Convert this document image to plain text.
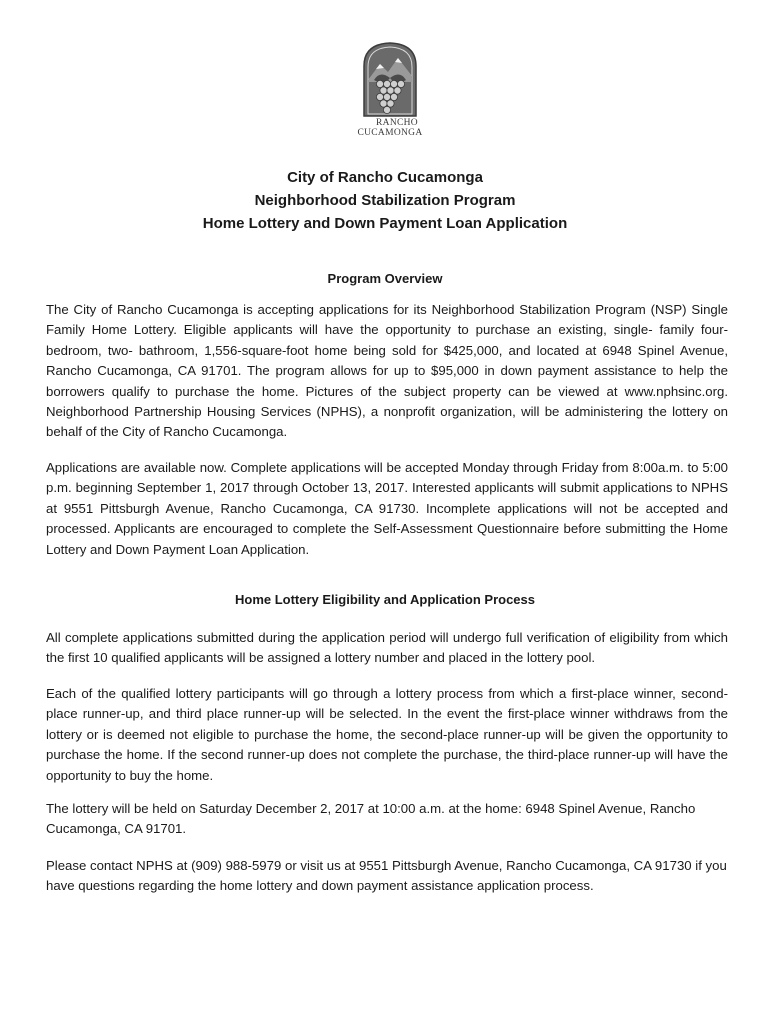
RANCHO
CUCAMONGA
City of Rancho Cucamonga
Neighborhood Stabilization Program
Home Lottery and Down Payment Loan Application
Program Overview

The City of Rancho Cucamonga is accepting applications for its Neighborhood Stabilization Program (NSP) Single Family Home Lottery. Eligible applicants will have the opportunity to purchase an existing, single- family four-bedroom, two- bathroom, 1,556-square-foot home being sold for $425,000, and located at 6948 Spinel Avenue, Rancho Cucamonga, CA 91701. The program allows for up to $95,000 in down payment assistance to help the borrowers qualify to purchase the home. Pictures of the subject property can be viewed at www.nphsinc.org. Neighborhood Partnership Housing Services (NPHS), a nonprofit organization, will be administering the lottery on behalf of the City of Rancho Cucamonga.

Applications are available now. Complete applications will be accepted Monday through Friday from 8:00a.m. to 5:00 p.m. beginning September 1, 2017 through October 13, 2017. Interested applicants will submit applications to NPHS at 9551 Pittsburgh Avenue, Rancho Cucamonga, CA 91730. Incomplete applications will not be accepted and processed. Applicants are encouraged to complete the Self-Assessment Questionnaire before submitting the Home Lottery and Down Payment Loan Application.

Home Lottery Eligibility and Application Process

All complete applications submitted during the application period will undergo full verification of eligibility from which the first 10 qualified applicants will be assigned a lottery number and placed in the lottery pool.

Each of the qualified lottery participants will go through a lottery process from which a first-place winner, second-place runner-up, and third place runner-up will be selected. In the event the first-place winner withdraws from the lottery or is deemed not eligible to purchase the home, the second-place runner-up will be given the opportunity to purchase the home. If the second runner-up does not complete the purchase, the third-place runner-up will have the opportunity to buy the home.

The lottery will be held on Saturday December 2, 2017 at 10:00 a.m. at the home: 6948 Spinel Avenue, Rancho Cucamonga, CA 91701.

Please contact NPHS at (909) 988-5979 or visit us at 9551 Pittsburgh Avenue, Rancho Cucamonga, CA 91730 if you have questions regarding the home lottery and down payment assistance application process.
